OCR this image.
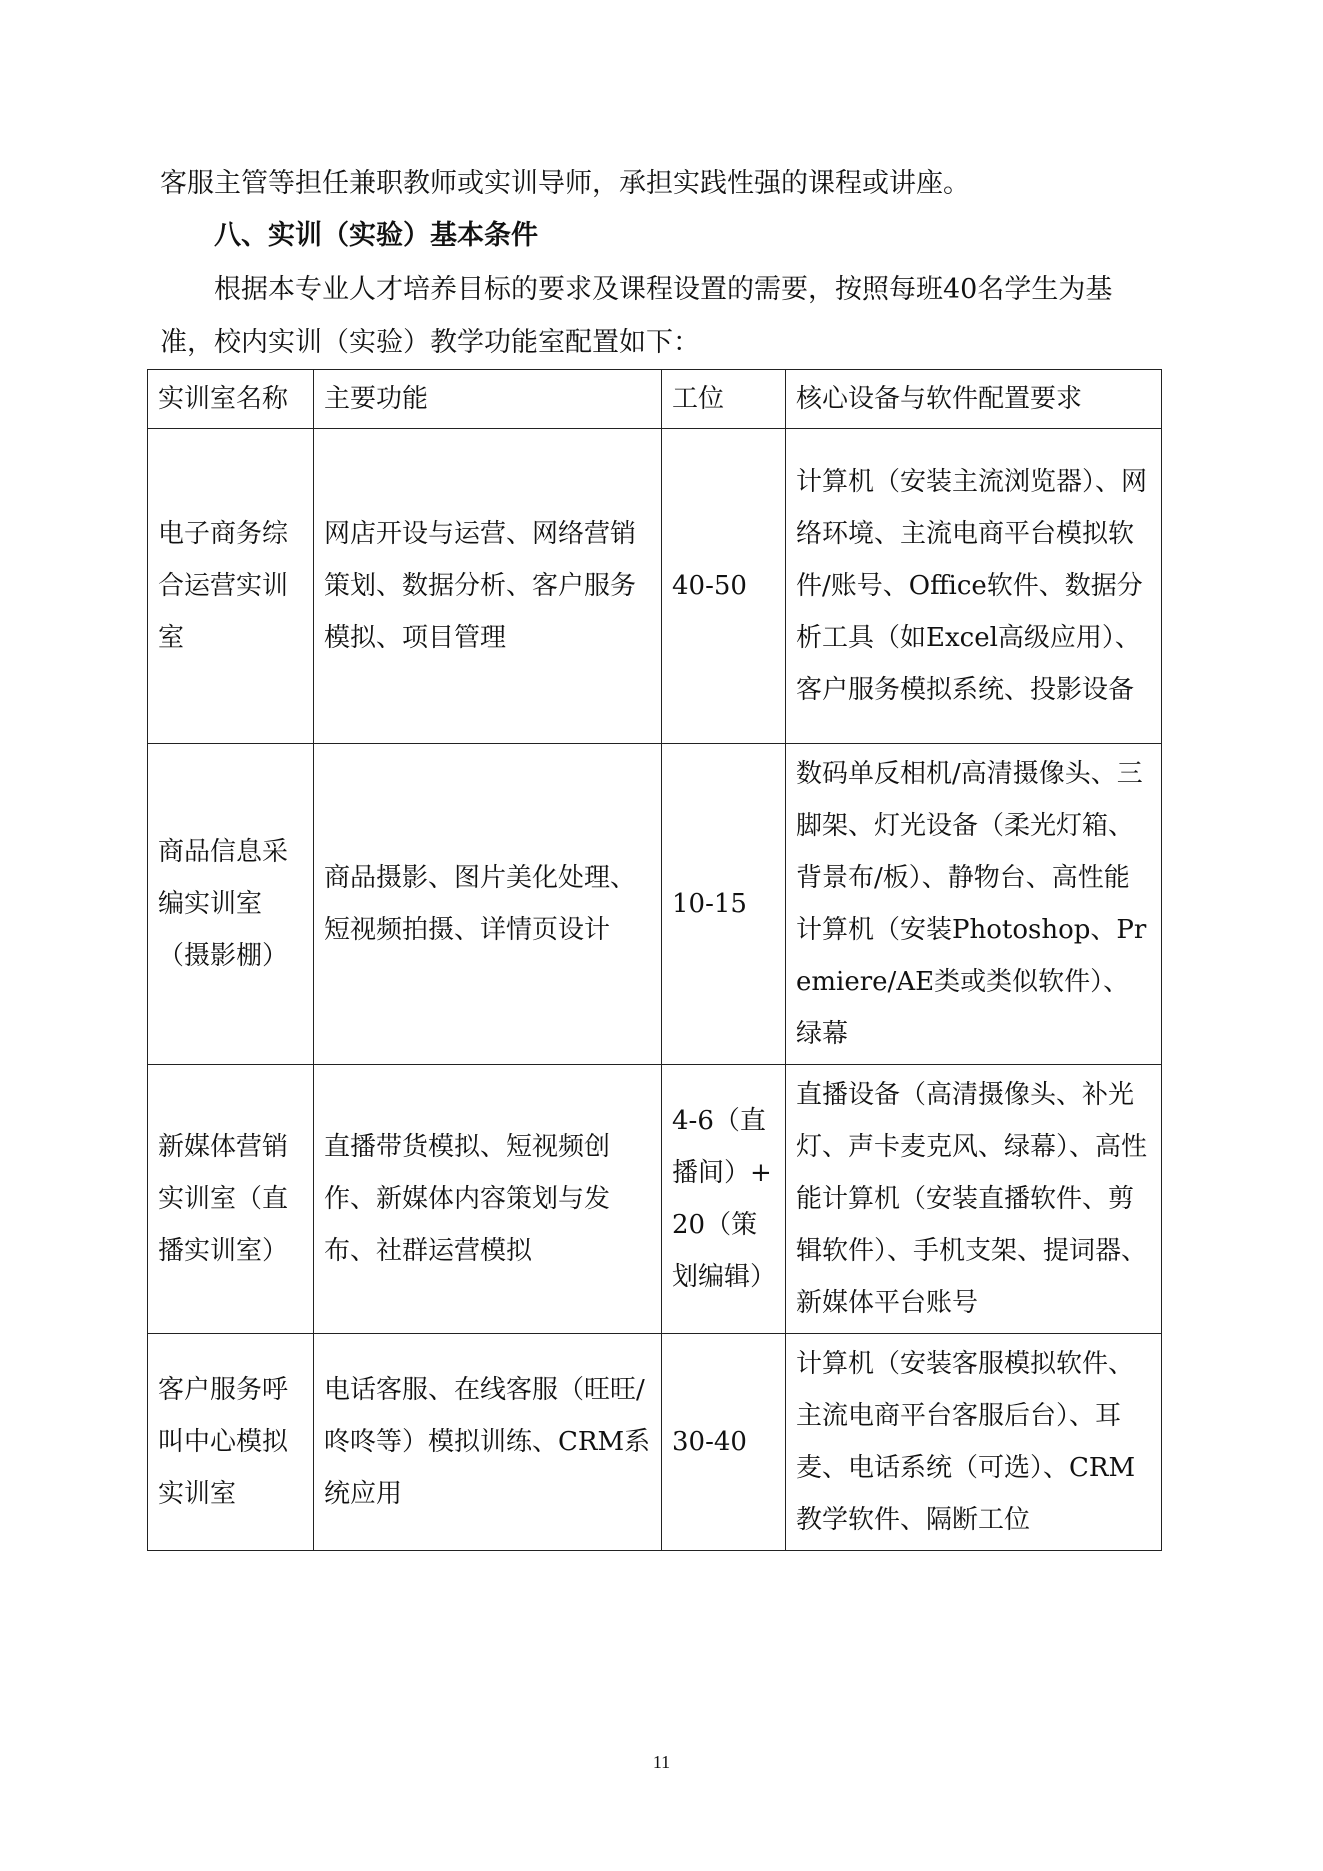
客服主管等担任兼职教师或实训导师，承担实践性强的课程或讲座。

八、实训（实验）基本条件

根据本专业人才培养目标的要求及课程设置的需要，按照每班40名学生为基准，校内实训（实验）教学功能室配置如下：

实训室名称	主要功能	工位	核心设备与软件配置要求
电子商务综合运营实训室	网店开设与运营、网络营销策划、数据分析、客户服务模拟、项目管理	40-50	计算机（安装主流浏览器）、网络环境、主流电商平台模拟软件/账号、Office软件、数据分析工具（如Excel高级应用）、客户服务模拟系统、投影设备
商品信息采编实训室（摄影棚）	商品摄影、图片美化处理、短视频拍摄、详情页设计	10-15	数码单反相机/高清摄像头、三脚架、灯光设备（柔光灯箱、背景布/板）、静物台、高性能计算机（安装Photoshop、Premiere/AE类或类似软件）、绿幕
新媒体营销实训室（直播实训室）	直播带货模拟、短视频创作、新媒体内容策划与发布、社群运营模拟	4-6（直播间）+20（策划编辑）	直播设备（高清摄像头、补光灯、声卡麦克风、绿幕）、高性能计算机（安装直播软件、剪辑软件）、手机支架、提词器、新媒体平台账号
客户服务呼叫中心模拟实训室	电话客服、在线客服（旺旺/咚咚等）模拟训练、CRM系统应用	30-40	计算机（安装客服模拟软件、主流电商平台客服后台）、耳麦、电话系统（可选）、CRM教学软件、隔断工位
11
